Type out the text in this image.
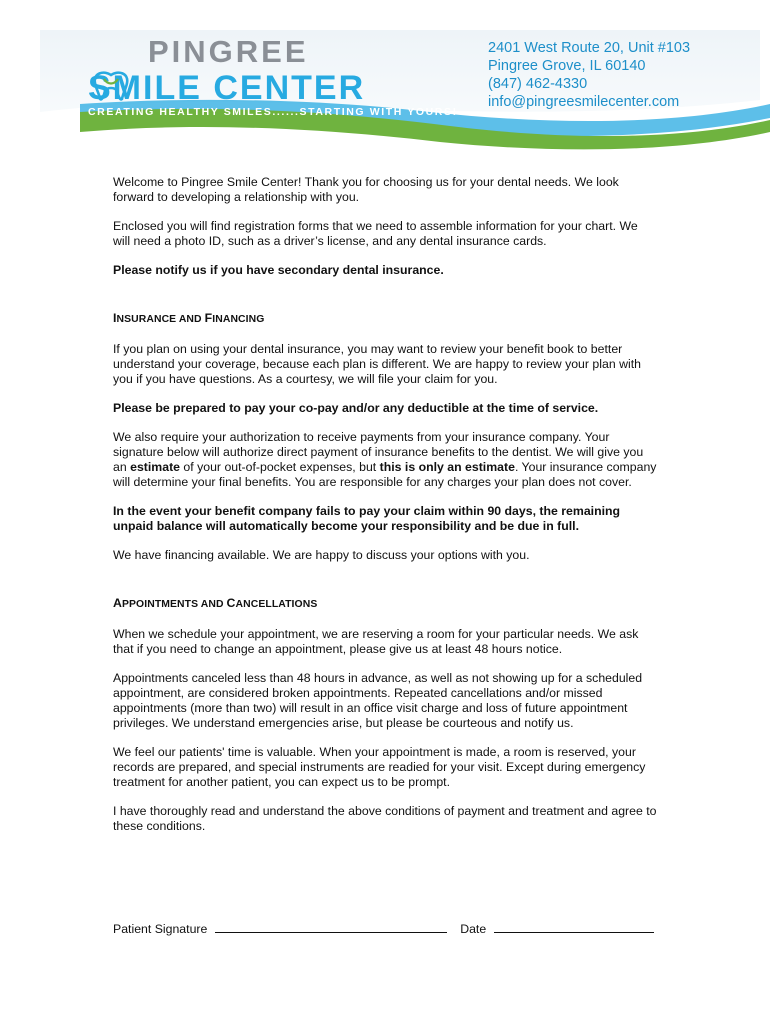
PINGREE

SMILE CENTER

CREATING HEALTHY SMILES......STARTING WITH YOURS!

2401 West Route 20, Unit #103

Pingree Grove, IL 60140

(847) 462-4330

info@pingreesmilecenter.com

Welcome to Pingree Smile Center! Thank you for choosing us for your dental needs. We look forward to developing a relationship with you.

Enclosed you will find registration forms that we need to assemble information for your chart. We will need a photo ID, such as a driver’s license, and any dental insurance cards.

Please notify us if you have secondary dental insurance.

INSURANCE AND FINANCING

If you plan on using your dental insurance, you may want to review your benefit book to better understand your coverage, because each plan is different. We are happy to review your plan with you if you have questions. As a courtesy, we will file your claim for you.

Please be prepared to pay your co-pay and/or any deductible at the time of service.

We also require your authorization to receive payments from your insurance company. Your signature below will authorize direct payment of insurance benefits to the dentist. We will give you an estimate of your out-of-pocket expenses, but this is only an estimate. Your insurance company will determine your final benefits. You are responsible for any charges your plan does not cover.

In the event your benefit company fails to pay your claim within 90 days, the remaining unpaid balance will automatically become your responsibility and be due in full.

We have financing available. We are happy to discuss your options with you.

APPOINTMENTS AND CANCELLATIONS

When we schedule your appointment, we are reserving a room for your particular needs. We ask that if you need to change an appointment, please give us at least 48 hours notice.

Appointments canceled less than 48 hours in advance, as well as not showing up for a scheduled appointment, are considered broken appointments. Repeated cancellations and/or missed appointments (more than two) will result in an office visit charge and loss of future appointment privileges. We understand emergencies arise, but please be courteous and notify us.

We feel our patients' time is valuable. When your appointment is made, a room is reserved, your records are prepared, and special instruments are readied for your visit. Except during emergency treatment for another patient, you can expect us to be prompt.

I have thoroughly read and understand the above conditions of payment and treatment and agree to these conditions.

Patient Signature	Date
